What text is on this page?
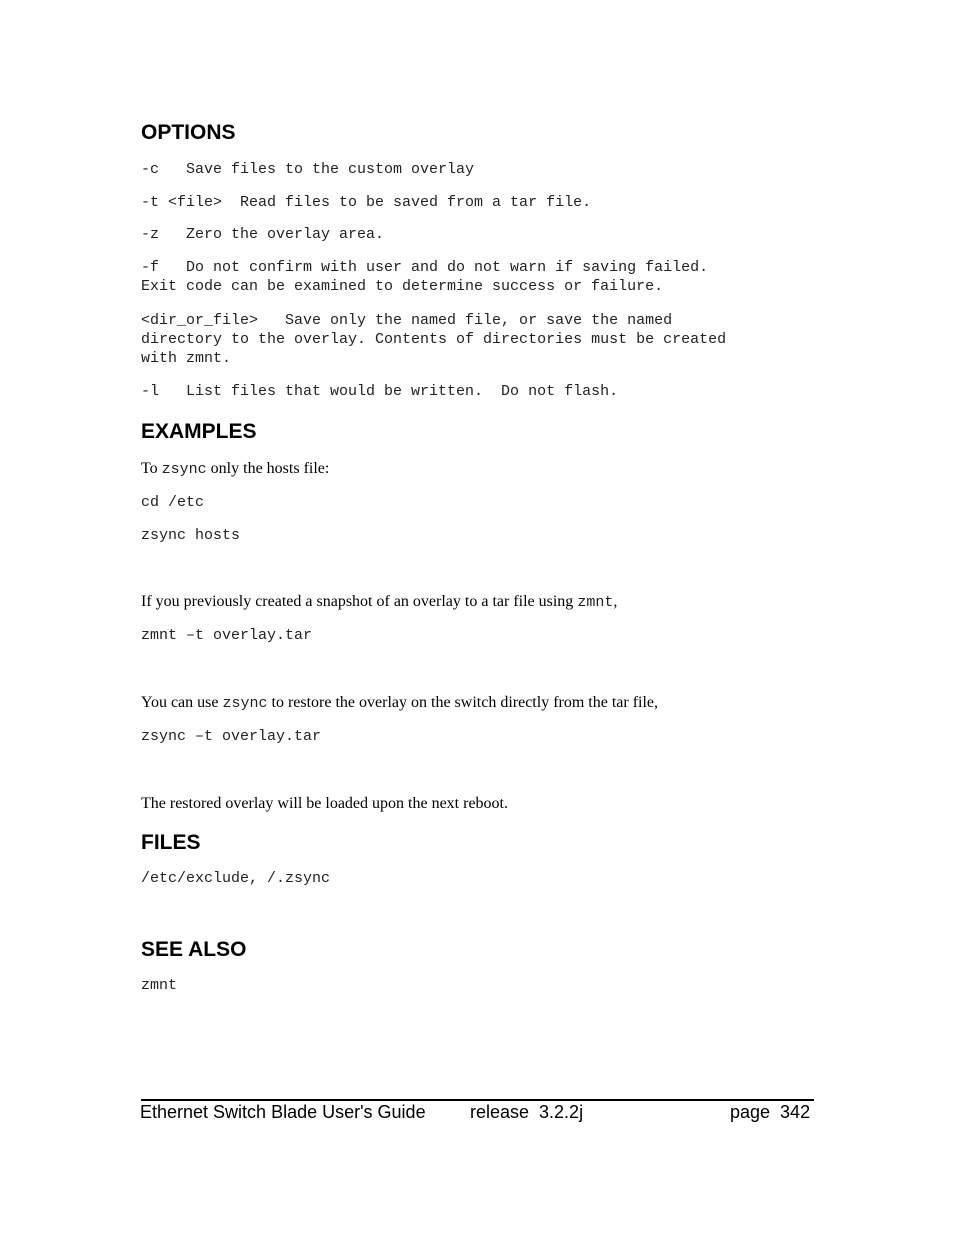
OPTIONS
-c   Save files to the custom overlay
-t <file>  Read files to be saved from a tar file.
-z   Zero the overlay area.
-f   Do not confirm with user and do not warn if saving failed.
Exit code can be examined to determine success or failure.
<dir_or_file>   Save only the named file, or save the named
directory to the overlay. Contents of directories must be created
with zmnt.
-l   List files that would be written.  Do not flash.
EXAMPLES
To zsync only the hosts file:
cd /etc
zsync hosts
If you previously created a snapshot of an overlay to a tar file using zmnt,
zmnt –t overlay.tar
You can use zsync to restore the overlay on the switch directly from the tar file,
zsync –t overlay.tar
The restored overlay will be loaded upon the next reboot.
FILES
/etc/exclude, /.zsync
SEE ALSO
zmnt
Ethernet Switch Blade User's Guide release  3.2.2j	page  342
